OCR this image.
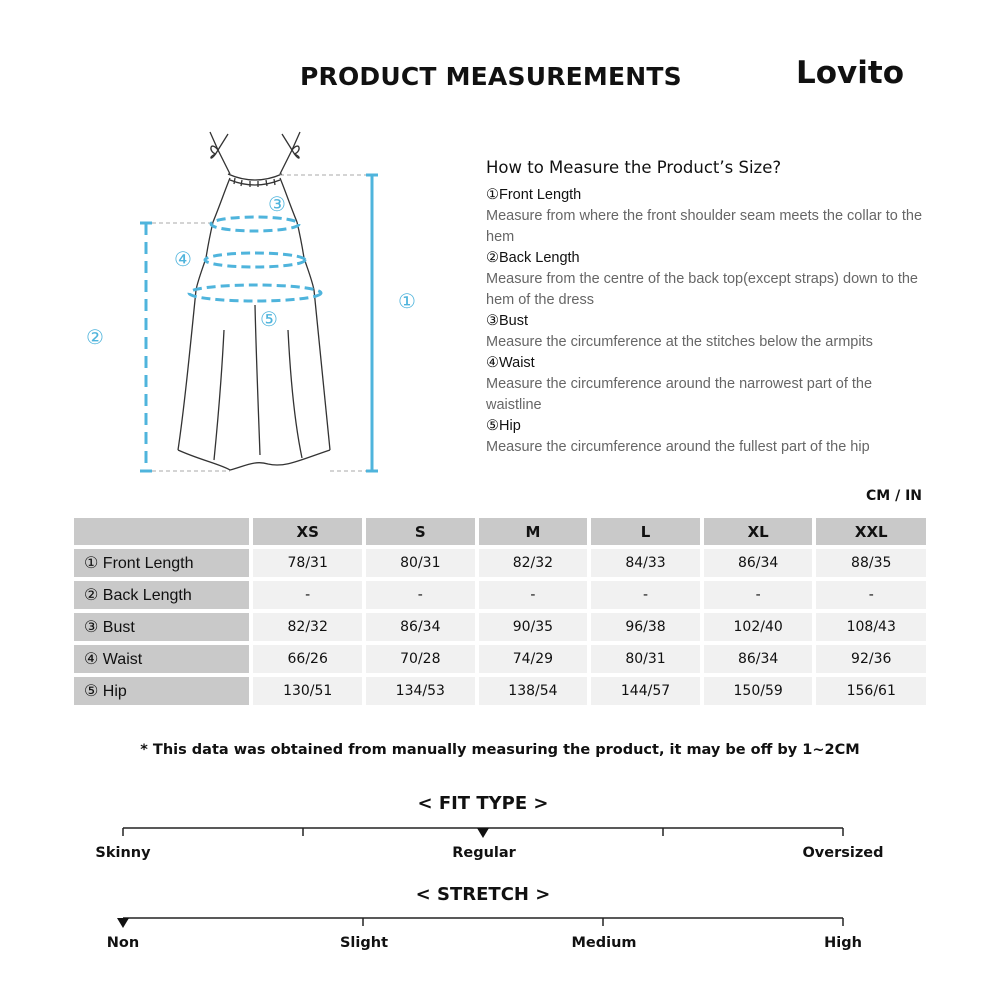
PRODUCT MEASUREMENTS	Lovito
①
②
③
④
⑤
How to Measure the Product’s Size?
①Front Length
Measure from where the front shoulder seam meets the collar to the hem
②Back Length
Measure from the centre of the back top(except straps) down to the hem of the dress
③Bust
Measure the circumference at the stitches below the armpits
④Waist
Measure the circumference around the narrowest part of the waistline
⑤Hip
Measure the circumference around the fullest part of the hip
CM / IN
XS	S	M	L	XL	XXL
① Front Length	78/31	80/31	82/32	84/33	86/34	88/35
② Back Length	-	-	-	-	-	-
③ Bust	82/32	86/34	90/35	96/38	102/40	108/43
④ Waist	66/26	70/28	74/29	80/31	86/34	92/36
⑤ Hip	130/51	134/53	138/54	144/57	150/59	156/61
* This data was obtained from manually measuring the product, it may be off by 1~2CM
< FIT TYPE >
Skinny	Regular	Oversized
< STRETCH >
Non	Slight	Medium	High
